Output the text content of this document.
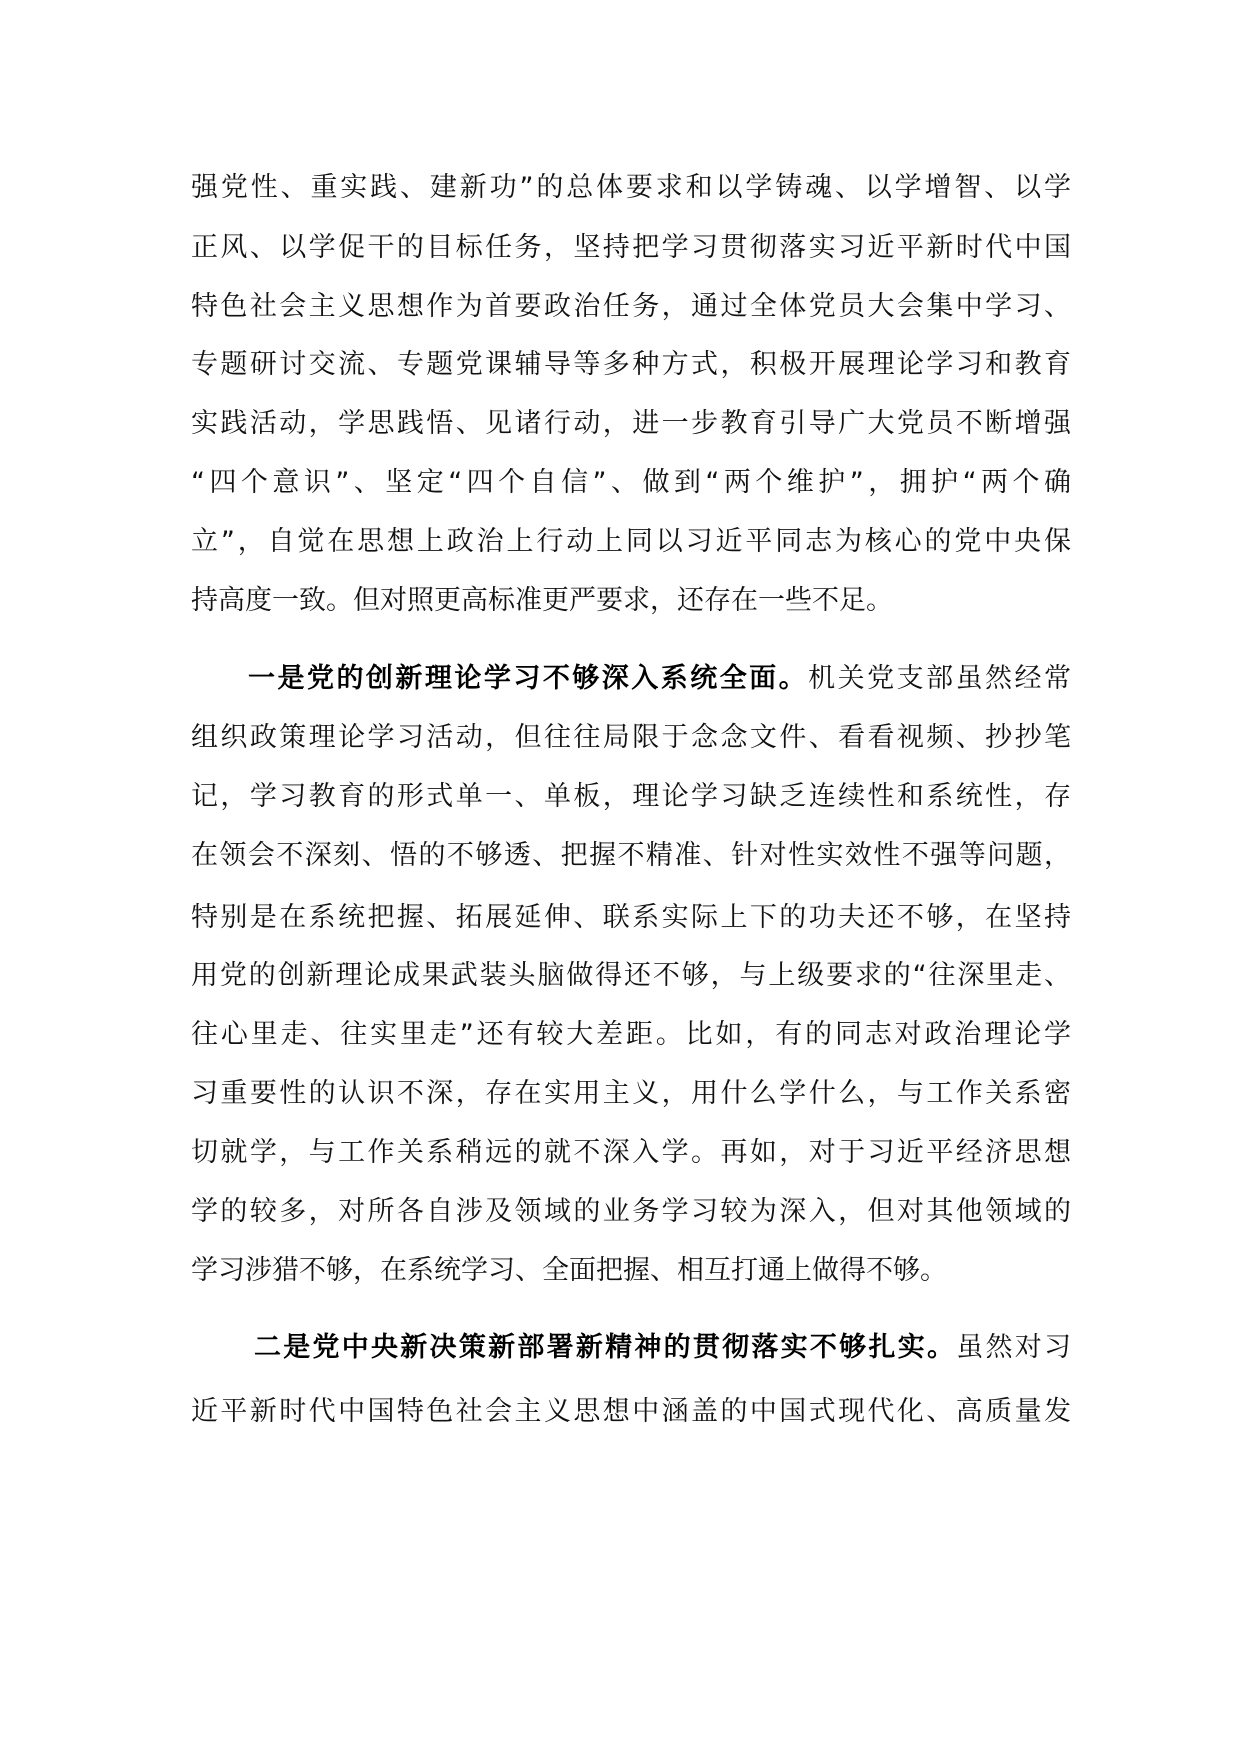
强党性、重实践、建新功”的总体要求和以学铸魂、以学增智、以学
正风、以学促干的目标任务，坚持把学习贯彻落实习近平新时代中国
特色社会主义思想作为首要政治任务，通过全体党员大会集中学习、
专题研讨交流、专题党课辅导等多种方式，积极开展理论学习和教育
实践活动，学思践悟、见诸行动，进一步教育引导广大党员不断增强
“四个意识”、坚定“四个自信”、做到“两个维护”，拥护“两个确
立”，自觉在思想上政治上行动上同以习近平同志为核心的党中央保
持高度一致。但对照更高标准更严要求，还存在一些不足。
一是党的创新理论学习不够深入系统全面。机关党支部虽然经常
组织政策理论学习活动，但往往局限于念念文件、看看视频、抄抄笔
记，学习教育的形式单一、单板，理论学习缺乏连续性和系统性，存
在领会不深刻、悟的不够透、把握不精准、针对性实效性不强等问题，
特别是在系统把握、拓展延伸、联系实际上下的功夫还不够，在坚持
用党的创新理论成果武装头脑做得还不够，与上级要求的“往深里走、
往心里走、往实里走”还有较大差距。比如，有的同志对政治理论学
习重要性的认识不深，存在实用主义，用什么学什么，与工作关系密
切就学，与工作关系稍远的就不深入学。再如，对于习近平经济思想
学的较多，对所各自涉及领域的业务学习较为深入，但对其他领域的
学习涉猎不够，在系统学习、全面把握、相互打通上做得不够。
二是党中央新决策新部署新精神的贯彻落实不够扎实。虽然对习
近平新时代中国特色社会主义思想中涵盖的中国式现代化、高质量发
